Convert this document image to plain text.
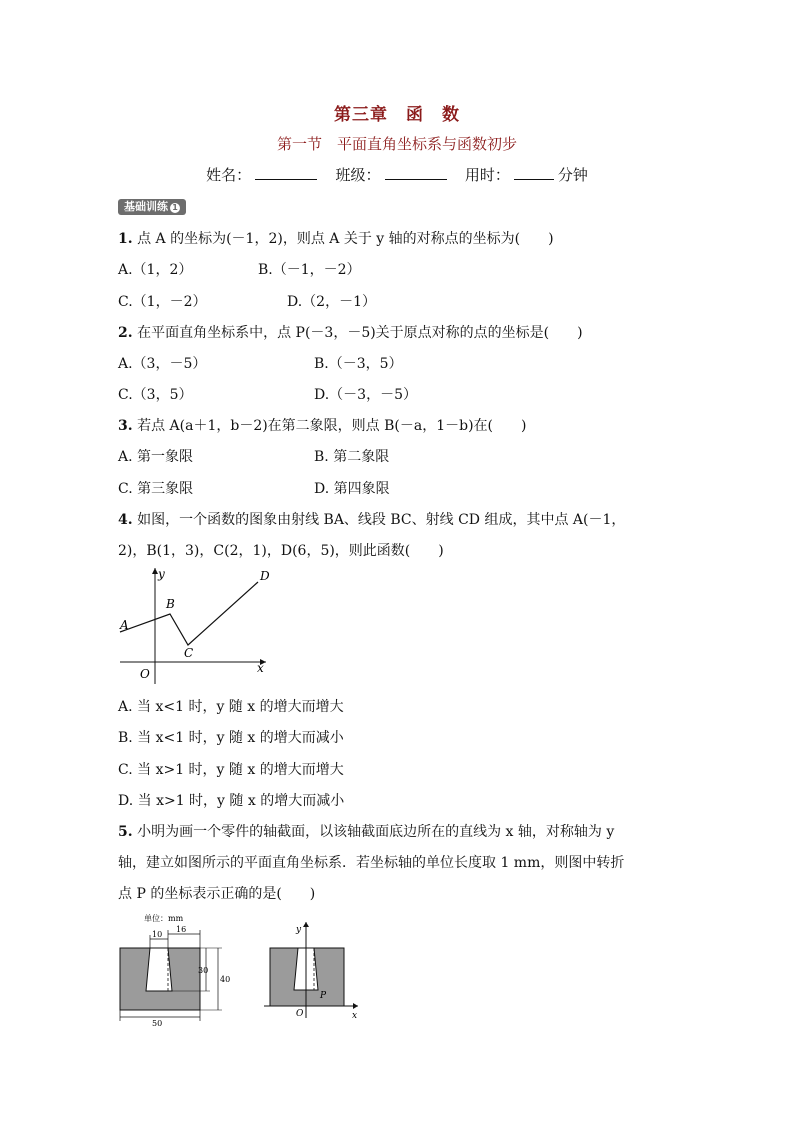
第三章　函　数
第一节　平面直角坐标系与函数初步
姓名：	班级：	用时：	分钟
基础训练 1
1. 点 A 的坐标为(－1，2)，则点 A 关于 y 轴的对称点的坐标为(　　)
A.（1，2）	B.（－1，－2）
C.（1，－2）	D.（2，－1）
2. 在平面直角坐标系中，点 P(－3，－5)关于原点对称的点的坐标是(　　)
A.（3，－5）	B.（－3，5）
C.（3，5）	D.（－3，－5）
3. 若点 A(a＋1，b－2)在第二象限，则点 B(－a，1－b)在(　　)
A. 第一象限	B. 第二象限
C. 第三象限	D. 第四象限
4. 如图，一个函数的图象由射线 BA、线段 BC、射线 CD 组成，其中点 A(－1，
2)，B(1，3)，C(2，1)，D(6，5)，则此函数(　　)
y
x
O
A
B
C
D
A. 当 x<1 时，y 随 x 的增大而增大
B. 当 x<1 时，y 随 x 的增大而减小
C. 当 x>1 时，y 随 x 的增大而增大
D. 当 x>1 时，y 随 x 的增大而减小
5. 小明为画一个零件的轴截面，以该轴截面底边所在的直线为 x 轴，对称轴为 y
轴，建立如图所示的平面直角坐标系．若坐标轴的单位长度取 1 mm，则图中转折
点 P 的坐标表示正确的是(　　)
单位：mm
10
16
30
40
50
y
x
O
P
